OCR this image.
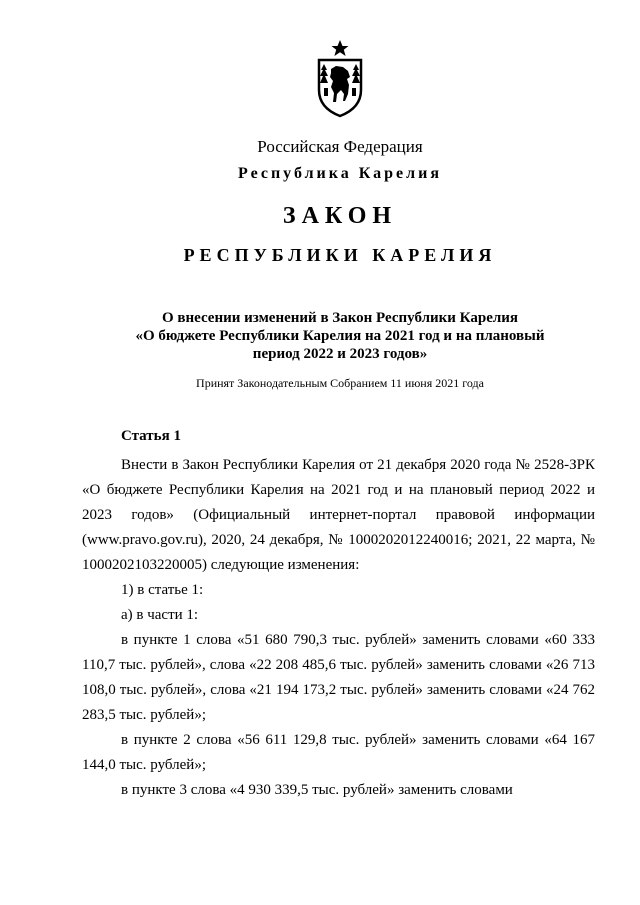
Российская Федерация
Республика Карелия
ЗАКОН
РЕСПУБЛИКИ КАРЕЛИЯ
О внесении изменений в Закон Республики Карелия
«О бюджете Республики Карелия на 2021 год и на плановый
период 2022 и 2023 годов»
Принят Законодательным Собранием 11 июня 2021 года
Статья 1

Внести в Закон Республики Карелия от 21 декабря 2020 года № 2528-ЗРК «О бюджете Республики Карелия на 2021 год и на плановый период 2022 и 2023 годов» (Официальный интернет-портал правовой информации (www.pravo.gov.ru), 2020, 24 декабря, № 1000202012240016; 2021, 22 марта, № 1000202103220005) следующие изменения:

1) в статье 1:

а) в части 1:

в пункте 1 слова «51 680 790,3 тыс. рублей» заменить словами «60 333 110,7 тыс. рублей», слова «22 208 485,6 тыс. рублей» заменить словами «26 713 108,0 тыс. рублей», слова «21 194 173,2 тыс. рублей» заменить словами «24 762 283,5 тыс. рублей»;

в пункте 2 слова «56 611 129,8 тыс. рублей» заменить словами «64 167 144,0 тыс. рублей»;

в пункте 3 слова «4 930 339,5 тыс. рублей» заменить словами
